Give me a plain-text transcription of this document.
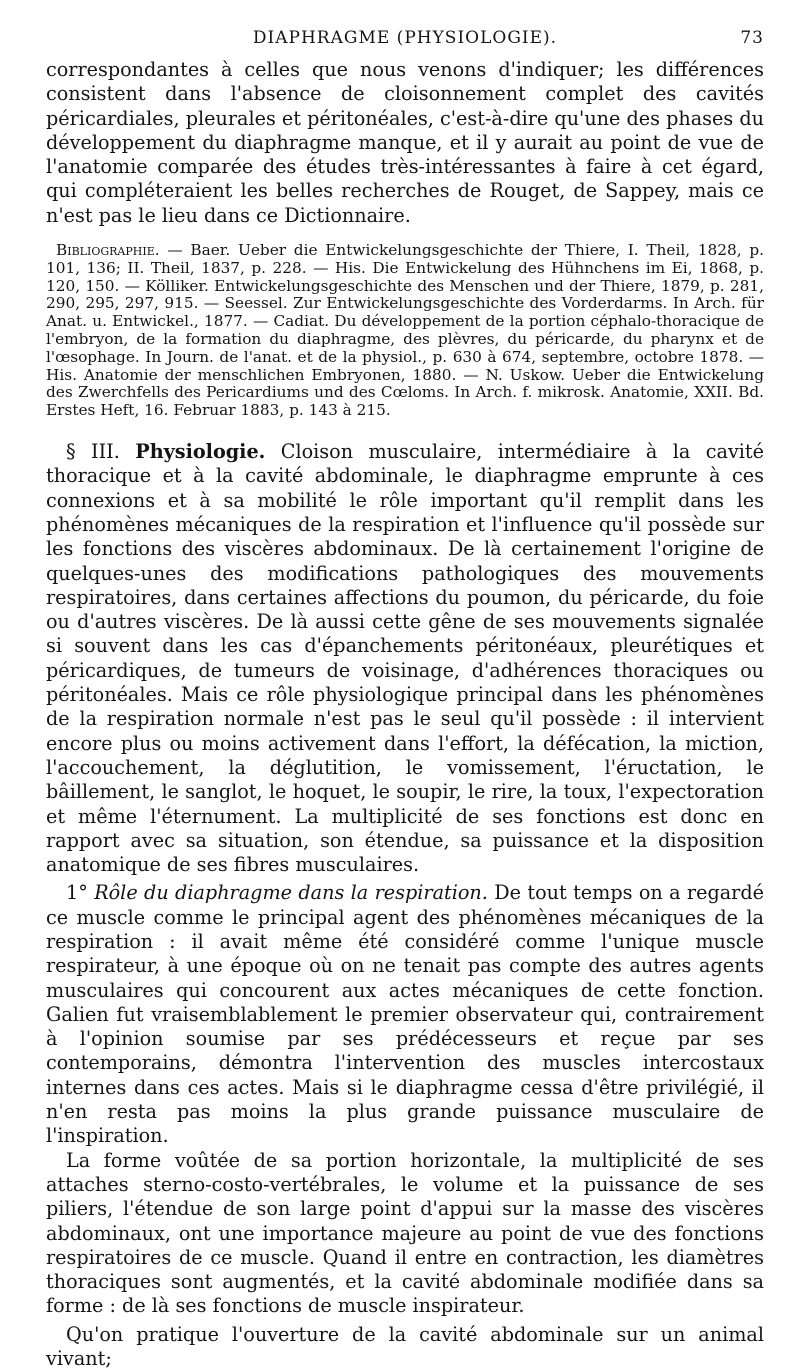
DIAPHRAGME (PHYSIOLOGIE).	73

correspondantes à celles que nous venons d'indiquer; les différences consistent dans l'absence de cloisonnement complet des cavités péricardiales, pleurales et péritonéales, c'est-à-dire qu'une des phases du développement du diaphragme manque, et il y aurait au point de vue de l'anatomie comparée des études très-intéressantes à faire à cet égard, qui compléteraient les belles recherches de Rouget, de Sappey, mais ce n'est pas le lieu dans ce Dictionnaire.

Bibliographie. — Baer. Ueber die Entwickelungsgeschichte der Thiere, I. Theil, 1828, p. 101, 136; II. Theil, 1837, p. 228. — His. Die Entwickelung des Hühnchens im Ei, 1868, p. 120, 150. — Kölliker. Entwickelungsgeschichte des Menschen und der Thiere, 1879, p. 281, 290, 295, 297, 915. — Seessel. Zur Entwickelungsgeschichte des Vorderdarms. In Arch. für Anat. u. Entwickel., 1877. — Cadiat. Du développement de la portion céphalo-thoracique de l'embryon, de la formation du diaphragme, des plèvres, du péricarde, du pharynx et de l'œsophage. In Journ. de l'anat. et de la physiol., p. 630 à 674, septembre, octobre 1878. — His. Anatomie der menschlichen Embryonen, 1880. — N. Uskow. Ueber die Entwickelung des Zwerchfells des Pericardiums und des Cœloms. In Arch. f. mikrosk. Anatomie, XXII. Bd. Erstes Heft, 16. Februar 1883, p. 143 à 215.

§ III. Physiologie. Cloison musculaire, intermédiaire à la cavité thoracique et à la cavité abdominale, le diaphragme emprunte à ces connexions et à sa mobilité le rôle important qu'il remplit dans les phénomènes mécaniques de la respiration et l'influence qu'il possède sur les fonctions des viscères abdominaux. De là certainement l'origine de quelques-unes des modifications pathologiques des mouvements respiratoires, dans certaines affections du poumon, du péricarde, du foie ou d'autres viscères. De là aussi cette gêne de ses mouvements signalée si souvent dans les cas d'épanchements péritonéaux, pleurétiques et péricardiques, de tumeurs de voisinage, d'adhérences thoraciques ou péritonéales. Mais ce rôle physiologique principal dans les phénomènes de la respiration normale n'est pas le seul qu'il possède : il intervient encore plus ou moins activement dans l'effort, la défécation, la miction, l'accouchement, la déglutition, le vomissement, l'éructation, le bâillement, le sanglot, le hoquet, le soupir, le rire, la toux, l'expectoration et même l'éternument. La multiplicité de ses fonctions est donc en rapport avec sa situation, son étendue, sa puissance et la disposition anatomique de ses fibres musculaires.

1° Rôle du diaphragme dans la respiration. De tout temps on a regardé ce muscle comme le principal agent des phénomènes mécaniques de la respiration : il avait même été considéré comme l'unique muscle respirateur, à une époque où on ne tenait pas compte des autres agents musculaires qui concourent aux actes mécaniques de cette fonction. Galien fut vraisemblablement le premier observateur qui, contrairement à l'opinion soumise par ses prédécesseurs et reçue par ses contemporains, démontra l'intervention des muscles intercostaux internes dans ces actes. Mais si le diaphragme cessa d'être privilégié, il n'en resta pas moins la plus grande puissance musculaire de l'inspiration.

La forme voûtée de sa portion horizontale, la multiplicité de ses attaches sterno-costo-vertébrales, le volume et la puissance de ses piliers, l'étendue de son large point d'appui sur la masse des viscères abdominaux, ont une importance majeure au point de vue des fonctions respiratoires de ce muscle. Quand il entre en contraction, les diamètres thoraciques sont augmentés, et la cavité abdominale modifiée dans sa forme : de là ses fonctions de muscle inspirateur.

Qu'on pratique l'ouverture de la cavité abdominale sur un animal vivant;
